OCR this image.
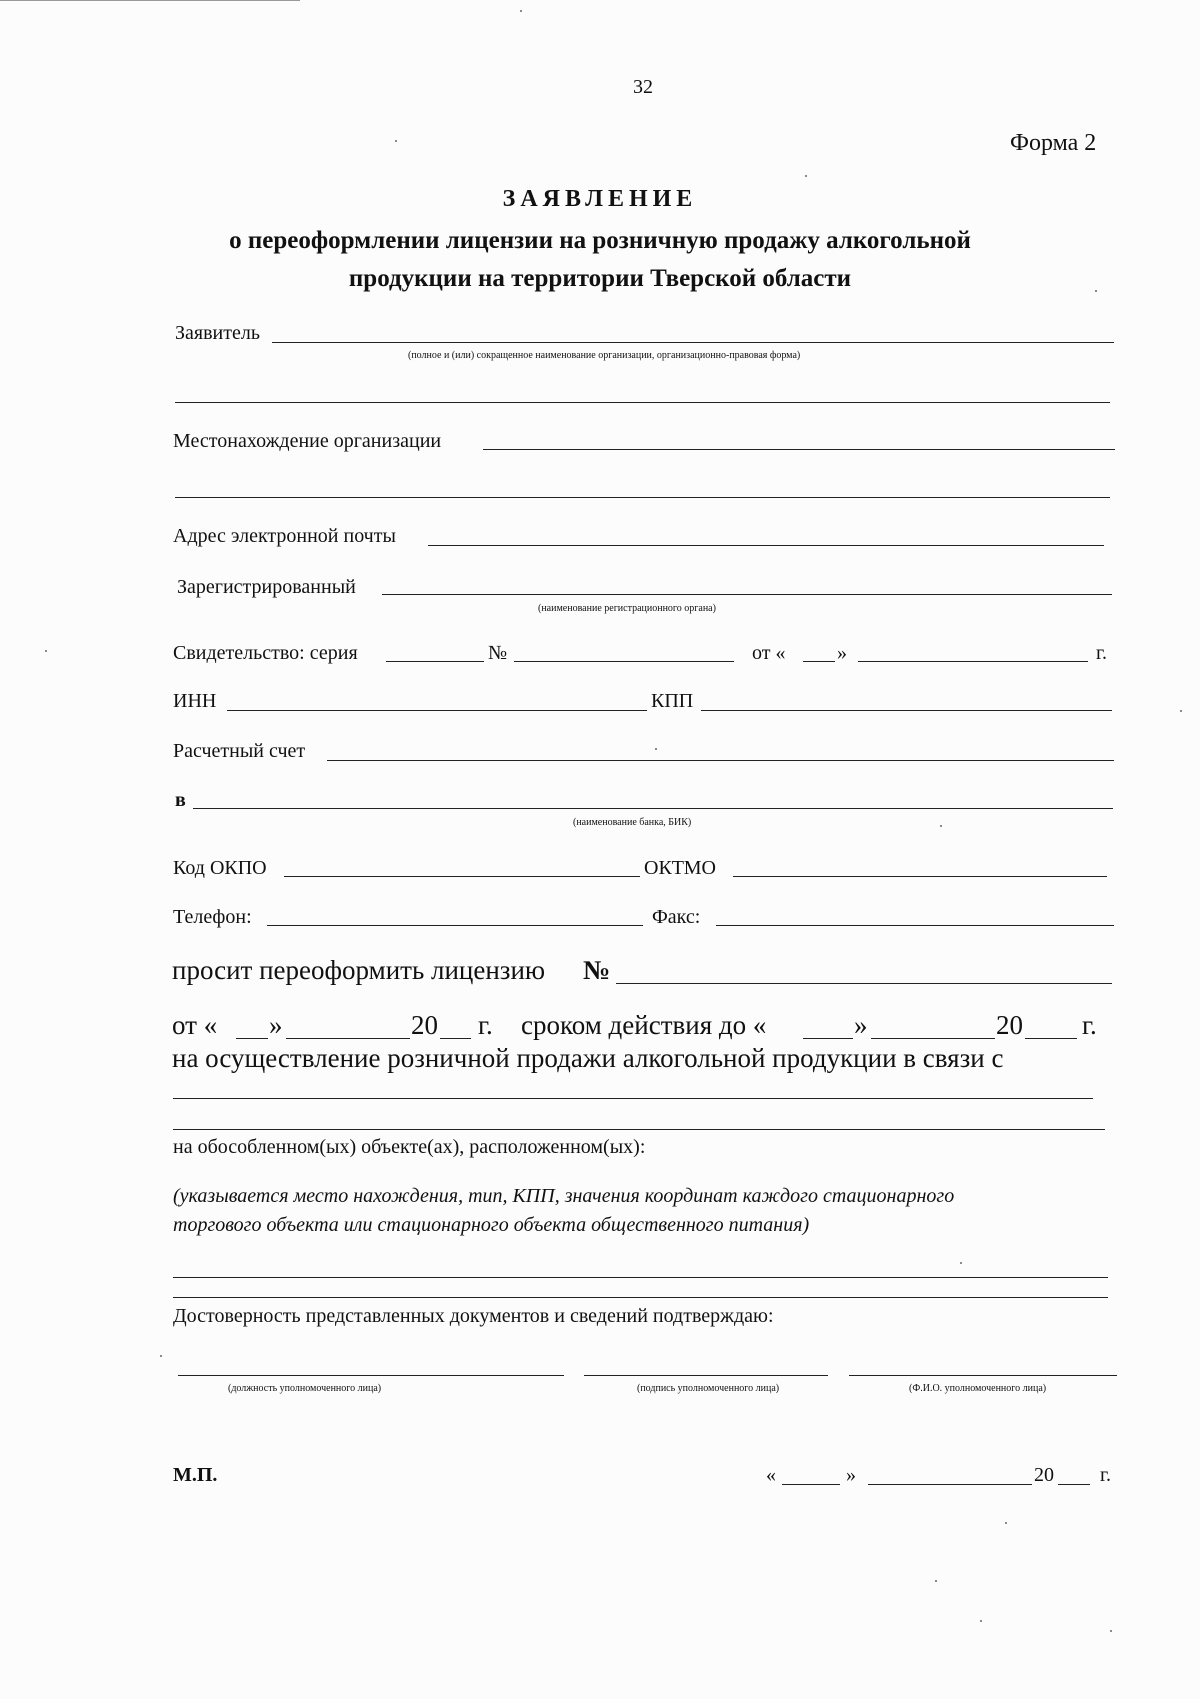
32
Форма 2
ЗАЯВЛЕНИЕ
о переоформлении лицензии на розничную продажу алкогольной
продукции на территории Тверской области
Заявитель
(полное и (или) сокращенное наименование организации, организационно-правовая форма)
Местонахождение организации
Адрес электронной почты
Зарегистрированный
(наименование регистрационного органа)
Свидетельство: серия	№	от «	»	г.
ИНН	КПП
Расчетный счет
в
(наименование банка, БИК)
Код ОКПО	ОКТМО
Телефон:	Факс:
просит переоформить лицензию №
от « »	20 г. сроком действия до «	»	20 г.
на осуществление розничной продажи алкогольной продукции в связи с
на обособленном(ых) объекте(ах), расположенном(ых):
(указывается место нахождения, тип, КПП, значения координат каждого стационарного
торгового объекта или стационарного объекта общественного питания)
Достоверность представленных документов и сведений подтверждаю:
(должность уполномоченного лица)	(подпись уполномоченного лица)	(Ф.И.О. уполномоченного лица)
М.П.	«	»	20 г.
